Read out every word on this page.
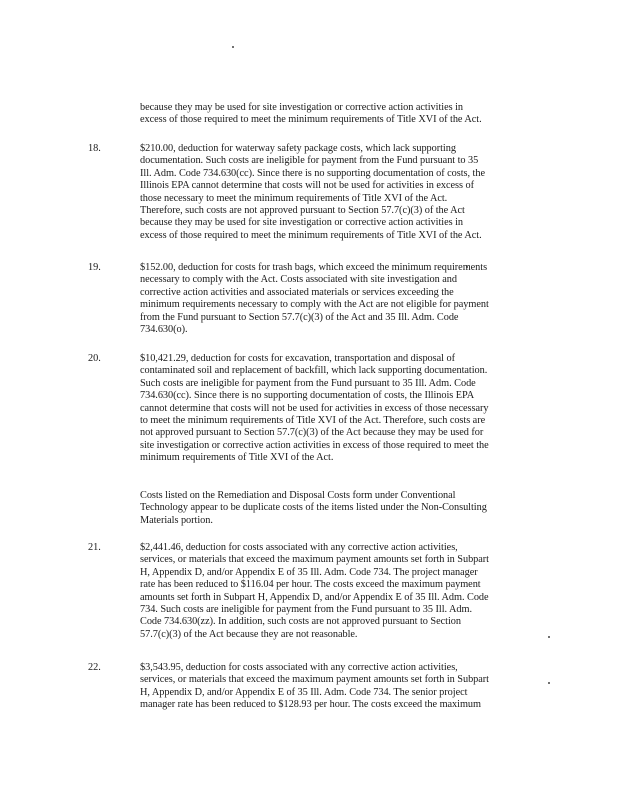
because they may be used for site investigation or corrective action activities in
excess of those required to meet the minimum requirements of Title XVI of the Act.
18.	$210.00, deduction for waterway safety package costs, which lack supporting
documentation. Such costs are ineligible for payment from the Fund pursuant to 35
Ill. Adm. Code 734.630(cc). Since there is no supporting documentation of costs, the
Illinois EPA cannot determine that costs will not be used for activities in excess of
those necessary to meet the minimum requirements of Title XVI of the Act.
Therefore, such costs are not approved pursuant to Section 57.7(c)(3) of the Act
because they may be used for site investigation or corrective action activities in
excess of those required to meet the minimum requirements of Title XVI of the Act.
19.	$152.00, deduction for costs for trash bags, which exceed the minimum requirements
necessary to comply with the Act. Costs associated with site investigation and
corrective action activities and associated materials or services exceeding the
minimum requirements necessary to comply with the Act are not eligible for payment
from the Fund pursuant to Section 57.7(c)(3) of the Act and 35 Ill. Adm. Code
734.630(o).
20.	$10,421.29, deduction for costs for excavation, transportation and disposal of
contaminated soil and replacement of backfill, which lack supporting documentation.
Such costs are ineligible for payment from the Fund pursuant to 35 Ill. Adm. Code
734.630(cc). Since there is no supporting documentation of costs, the Illinois EPA
cannot determine that costs will not be used for activities in excess of those necessary
to meet the minimum requirements of Title XVI of the Act. Therefore, such costs are
not approved pursuant to Section 57.7(c)(3) of the Act because they may be used for
site investigation or corrective action activities in excess of those required to meet the
minimum requirements of Title XVI of the Act.
Costs listed on the Remediation and Disposal Costs form under Conventional
Technology appear to be duplicate costs of the items listed under the Non-Consulting
Materials portion.
21.	$2,441.46, deduction for costs associated with any corrective action activities,
services, or materials that exceed the maximum payment amounts set forth in Subpart
H, Appendix D, and/or Appendix E of 35 Ill. Adm. Code 734. The project manager
rate has been reduced to $116.04 per hour. The costs exceed the maximum payment
amounts set forth in Subpart H, Appendix D, and/or Appendix E of 35 Ill. Adm. Code
734. Such costs are ineligible for payment from the Fund pursuant to 35 Ill. Adm.
Code 734.630(zz). In addition, such costs are not approved pursuant to Section
57.7(c)(3) of the Act because they are not reasonable.
22.	$3,543.95, deduction for costs associated with any corrective action activities,
services, or materials that exceed the maximum payment amounts set forth in Subpart
H, Appendix D, and/or Appendix E of 35 Ill. Adm. Code 734. The senior project
manager rate has been reduced to $128.93 per hour. The costs exceed the maximum
